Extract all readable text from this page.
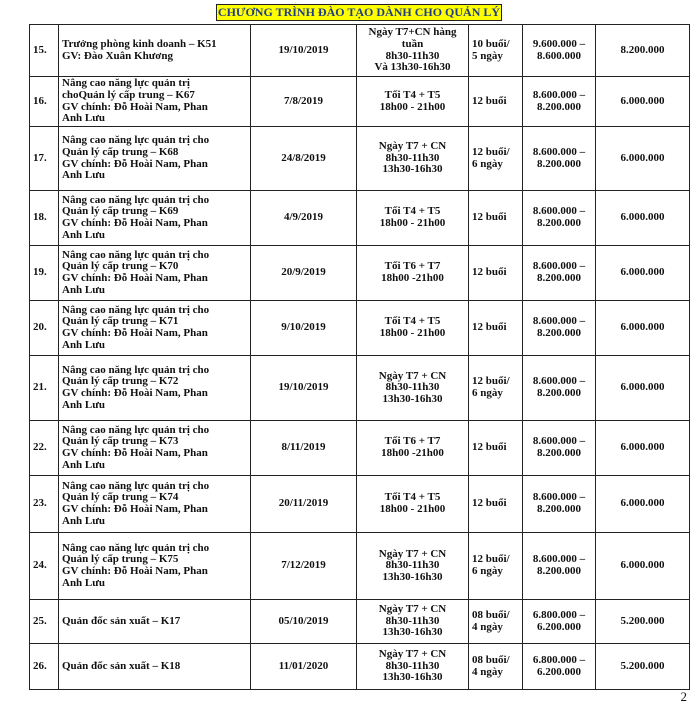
CHƯƠNG TRÌNH ĐÀO TẠO DÀNH CHO QUẢN LÝ
15.	Trưởng phòng kinh doanh – K51
GV: Đào Xuân Khương	19/10/2019	Ngày T7+CN hàng
tuần
8h30-11h30
Và 13h30-16h30	10 buổi/
5 ngày	9.600.000 –
8.600.000	8.200.000
16.	Nâng cao năng lực quản trị
choQuản lý cấp trung – K67
GV chính: Đỗ Hoài Nam, Phan
Anh Lưu	7/8/2019	Tối T4 + T5
18h00 - 21h00	12 buổi	8.600.000 –
8.200.000	6.000.000
17.	Nâng cao năng lực quản trị cho
Quản lý cấp trung – K68
GV chính: Đỗ Hoài Nam, Phan
Anh Lưu	24/8/2019	Ngày T7 + CN
8h30-11h30
13h30-16h30	12 buổi/
6 ngày	8.600.000 –
8.200.000	6.000.000
18.	Nâng cao năng lực quản trị cho
Quản lý cấp trung – K69
GV chính: Đỗ Hoài Nam, Phan
Anh Lưu	4/9/2019	Tối T4 + T5
18h00 - 21h00	12 buổi	8.600.000 –
8.200.000	6.000.000
19.	Nâng cao năng lực quản trị cho
Quản lý cấp trung – K70
GV chính: Đỗ Hoài Nam, Phan
Anh Lưu	20/9/2019	Tối T6 + T7
18h00 -21h00	12 buổi	8.600.000 –
8.200.000	6.000.000
20.	Nâng cao năng lực quản trị cho
Quản lý cấp trung – K71
GV chính: Đỗ Hoài Nam, Phan
Anh Lưu	9/10/2019	Tối T4 + T5
18h00 - 21h00	12 buổi	8.600.000 –
8.200.000	6.000.000
21.	Nâng cao năng lực quản trị cho
Quản lý cấp trung – K72
GV chính: Đỗ Hoài Nam, Phan
Anh Lưu	19/10/2019	Ngày T7 + CN
8h30-11h30
13h30-16h30	12 buổi/
6 ngày	8.600.000 –
8.200.000	6.000.000
22.	Nâng cao năng lực quản trị cho
Quản lý cấp trung – K73
GV chính: Đỗ Hoài Nam, Phan
Anh Lưu	8/11/2019	Tối T6 + T7
18h00 -21h00	12 buổi	8.600.000 –
8.200.000	6.000.000
23.	Nâng cao năng lực quản trị cho
Quản lý cấp trung – K74
GV chính: Đỗ Hoài Nam, Phan
Anh Lưu	20/11/2019	Tối T4 + T5
18h00 - 21h00	12 buổi	8.600.000 –
8.200.000	6.000.000
24.	Nâng cao năng lực quản trị cho
Quản lý cấp trung – K75
GV chính: Đỗ Hoài Nam, Phan
Anh Lưu	7/12/2019	Ngày T7 + CN
8h30-11h30
13h30-16h30	12 buổi/
6 ngày	8.600.000 –
8.200.000	6.000.000
25.	Quản đốc sản xuất – K17	05/10/2019	Ngày T7 + CN
8h30-11h30
13h30-16h30	08 buổi/
4 ngày	6.800.000 –
6.200.000	5.200.000
26.	Quản đốc sản xuất – K18	11/01/2020	Ngày T7 + CN
8h30-11h30
13h30-16h30	08 buổi/
4 ngày	6.800.000 –
6.200.000	5.200.000
2
